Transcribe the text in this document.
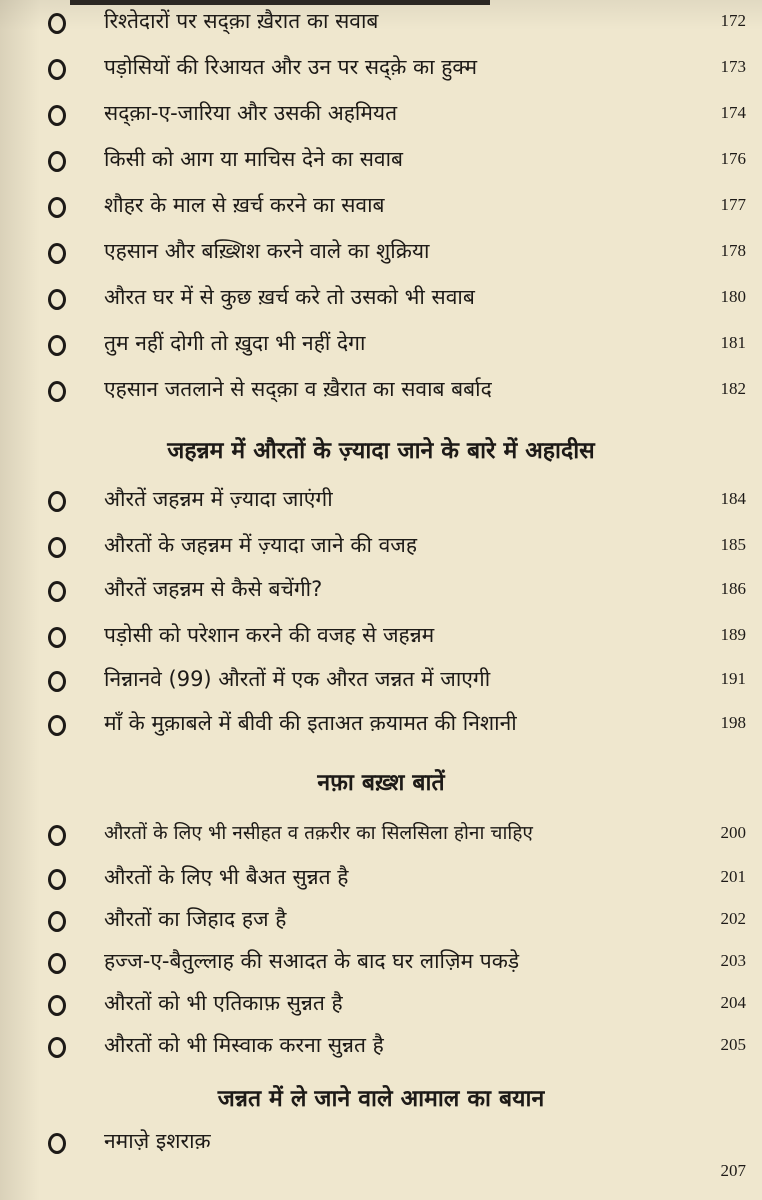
रिश्तेदारों पर सद्क़ा ख़ैरात का सवाब	172
पड़ोसियों की रिआयत और उन पर सद्क़े का हुक्म	173
सद्क़ा-ए-जारिया और उसकी अहमियत	174
किसी को आग या माचिस देने का सवाब	176
शौहर के माल से ख़र्च करने का सवाब	177
एहसान और बख़्शिश करने वाले का शुक्रिया	178
औरत घर में से कुछ ख़र्च करे तो उसको भी सवाब	180
तुम नहीं दोगी तो ख़ुदा भी नहीं देगा	181
एहसान जतलाने से सद्क़ा व ख़ैरात का सवाब बर्बाद	182
जहन्नम में औरतों के ज़्यादा जाने के बारे में अहादीस
औरतें जहन्नम में ज़्यादा जाएंगी	184
औरतों के जहन्नम में ज़्यादा जाने की वजह	185
औरतें जहन्नम से कैसे बचेंगी?	186
पड़ोसी को परेशान करने की वजह से जहन्नम	189
निन्नानवे (99) औरतों में एक औरत जन्नत में जाएगी	191
माँ के मुक़ाबले में बीवी की इताअत क़यामत की निशानी	198
नफ़ा बख़्श बातें
औरतों के लिए भी नसीहत व तक़रीर का सिलसिला होना चाहिए	200
औरतों के लिए भी बैअत सुन्नत है	201
औरतों का जिहाद हज है	202
हज्ज-ए-बैतुल्लाह की सआदत के बाद घर लाज़िम पकड़े	203
औरतों को भी एतिकाफ़ सुन्नत है	204
औरतों को भी मिस्वाक करना सुन्नत है	205
जन्नत में ले जाने वाले आमाल का बयान
नमाज़े इशराक़
207
